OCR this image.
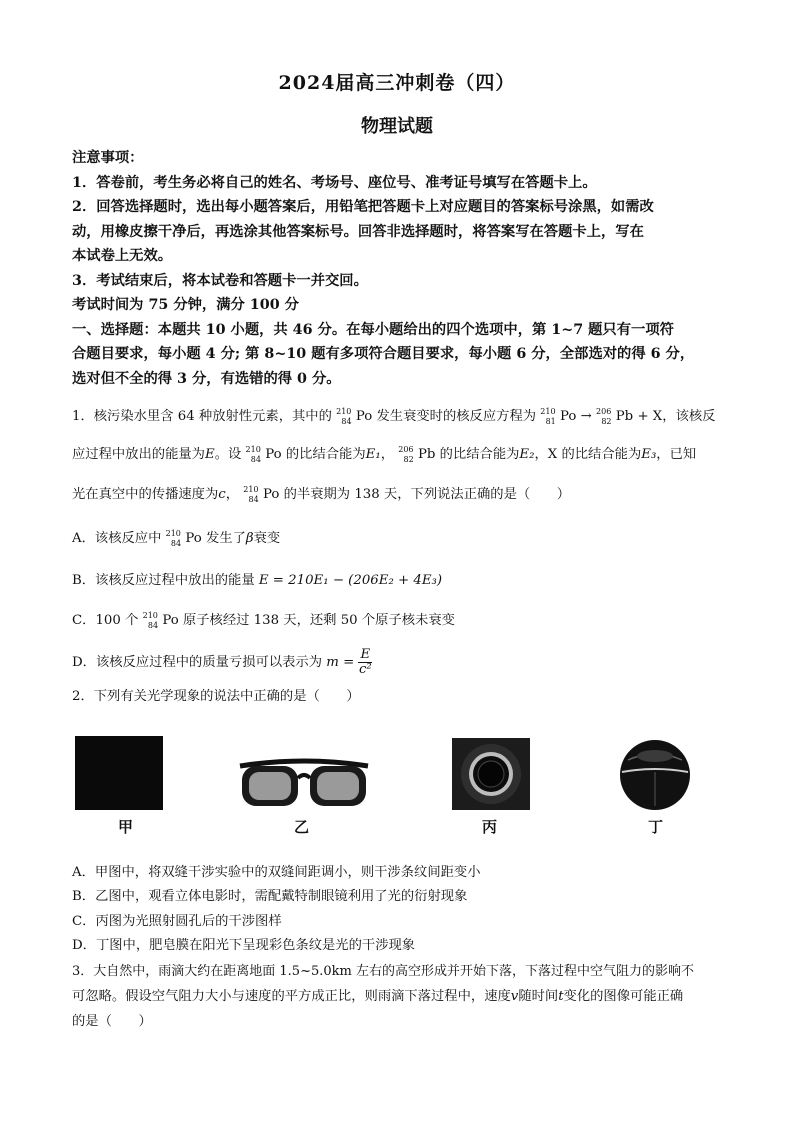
2024届高三冲刺卷（四）
物理试题
注意事项：
1．答卷前，考生务必将自己的姓名、考场号、座位号、准考证号填写在答题卡上。
2．回答选择题时，选出每小题答案后，用铅笔把答题卡上对应题目的答案标号涂黑，如需改
动，用橡皮擦干净后，再选涂其他答案标号。回答非选择题时，将答案写在答题卡上，写在
本试卷上无效。
3．考试结束后，将本试卷和答题卡一并交回。
考试时间为 75 分钟，满分 100 分
一、选择题：本题共 10 小题，共 46 分。在每小题给出的四个选项中，第 1~7 题只有一项符
合题目要求，每小题 4 分; 第 8~10 题有多项符合题目要求，每小题 6 分，全部选对的得 6 分，
选对但不全的得 3 分，有选错的得 0 分。
1．核污染水里含 64 种放射性元素，其中的 $^{210}_{84}$ Po 发生衰变时的核反应方程为 $^{210}_{81}$ Po → $^{206}_{82}$ Pb + X，该核反
应过程中放出的能量为E。设 $^{210}_{84}$ Po 的比结合能为E₁， $^{206}_{82}$ Pb 的比结合能为E₂，X 的比结合能为E₃，已知
光在真空中的传播速度为c， $^{210}_{84}$ Po 的半衰期为 138 天，下列说法正确的是（　　）
A．该核反应中 $^{210}_{84}$ Po 发生了β衰变
B．该核反应过程中放出的能量 E = 210E₁ − (206E₂ + 4E₃)
C．100 个 $^{210}_{84}$ Po 原子核经过 138 天，还剩 50 个原子核未衰变
D．该核反应过程中的质量亏损可以表示为 $m = \frac{E}{\text{c²}}$
2．下列有关光学现象的说法中正确的是（　　）
甲	乙	丙	丁
A．甲图中，将双缝干涉实验中的双缝间距调小，则干涉条纹间距变小
B．乙图中，观看立体电影时，需配戴特制眼镜利用了光的衍射现象
C．丙图为光照射圆孔后的干涉图样
D．丁图中，肥皂膜在阳光下呈现彩色条纹是光的干涉现象
3．大自然中，雨滴大约在距离地面 1.5~5.0km 左右的高空形成并开始下落，下落过程中空气阻力的影响不
可忽略。假设空气阻力大小与速度的平方成正比，则雨滴下落过程中，速度v随时间t变化的图像可能正确
的是（　　）
